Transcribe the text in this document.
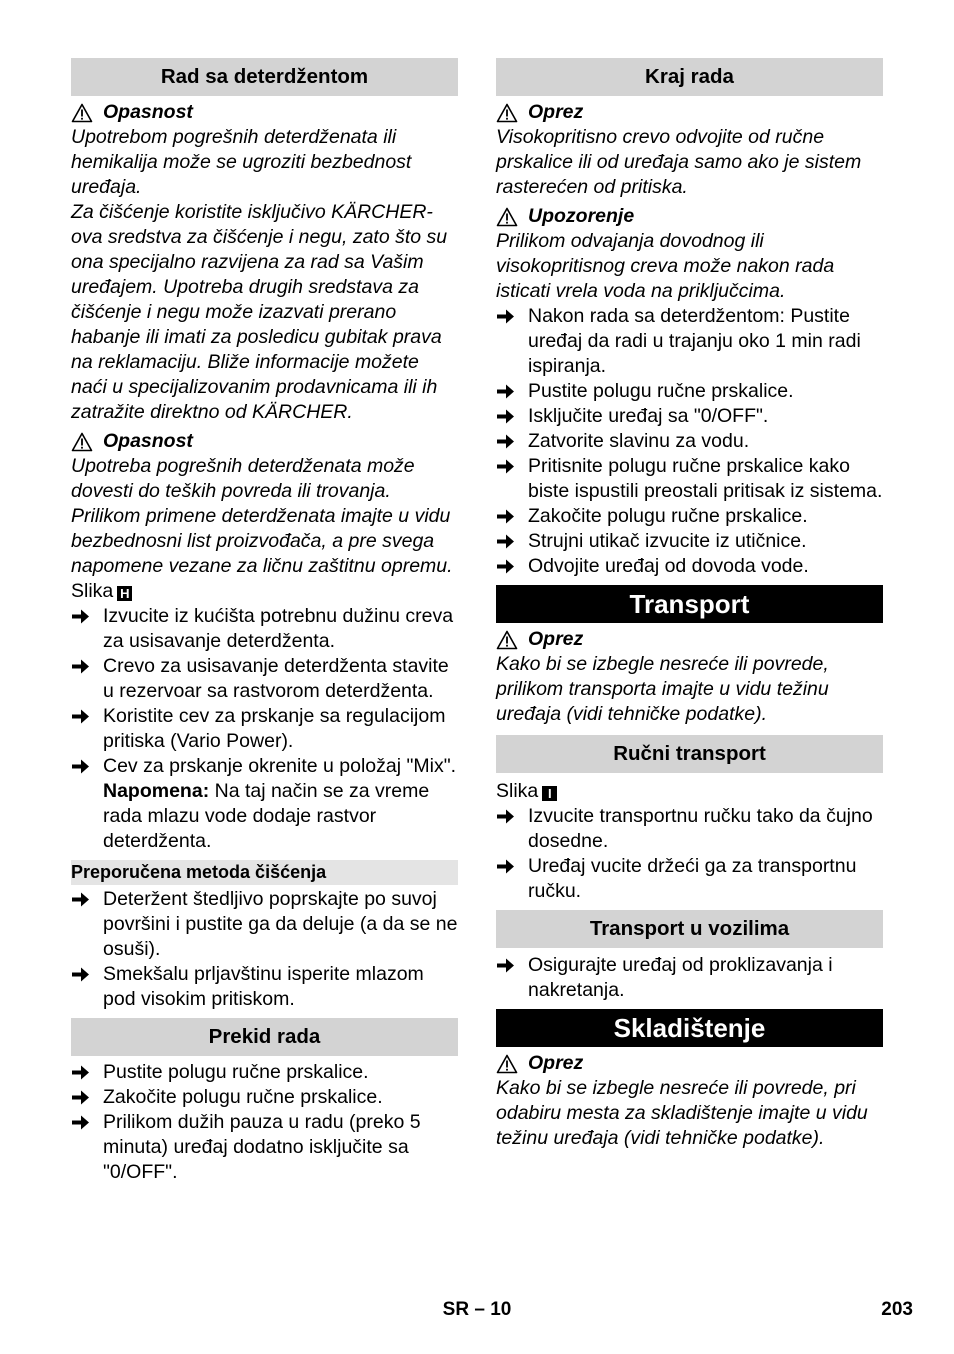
Rad sa deterdžentom
Opasnost

Upotrebom pogrešnih deterdženata ili hemikalija može se ugroziti bezbednost uređaja.

Za čišćenje koristite isključivo KÄRCHER-ova sredstva za čišćenje i negu, zato što su ona specijalno razvijena za rad sa Vašim uređajem. Upotreba drugih sredstava za čišćenje i negu može izazvati prerano habanje ili imati za posledicu gubitak prava na reklamaciju. Bliže informacije možete naći u specijalizovanim prodavnicama ili ih zatražite direktno od KÄRCHER.

Opasnost

Upotreba pogrešnih deterdženata može dovesti do teških povreda ili trovanja.

Prilikom primene deterdženata imajte u vidu bezbednosni list proizvođača, a pre svega napomene vezane za ličnu zaštitnu opremu.

Slika H

Izvucite iz kućišta potrebnu dužinu creva za usisavanje deterdženta.
Crevo za usisavanje deterdženta stavite u rezervoar sa rastvorom deterdženta.
Koristite cev za prskanje sa regulacijom pritiska (Vario Power).
Cev za prskanje okrenite u položaj "Mix".

Napomena: Na taj način se za vreme rada mlazu vode dodaje rastvor deterdženta.

Preporučena metoda čišćenja
Deteržent štedljivo poprskajte po suvoj površini i pustite ga da deluje (a da se ne osuši).
Smekšalu prljavštinu isperite mlazom pod visokim pritiskom.
Prekid rada
Pustite polugu ručne prskalice.
Zakočite polugu ručne prskalice.
Prilikom dužih pauza u radu (preko 5 minuta) uređaj dodatno isključite sa "0/OFF".
Kraj rada
Oprez

Visokopritisno crevo odvojite od ručne prskalice ili od uređaja samo ako je sistem rasterećen od pritiska.

Upozorenje

Prilikom odvajanja dovodnog ili visokopritisnog creva može nakon rada isticati vrela voda na priključcima.

Nakon rada sa deterdžentom: Pustite uređaj da radi u trajanju oko 1 min radi ispiranja.
Pustite polugu ručne prskalice.
Isključite uređaj sa "0/OFF".
Zatvorite slavinu za vodu.
Pritisnite polugu ručne prskalice kako biste ispustili preostali pritisak iz sistema.
Zakočite polugu ručne prskalice.
Strujni utikač izvucite iz utičnice.
Odvojite uređaj od dovoda vode.
Transport
Oprez

Kako bi se izbegle nesreće ili povrede, prilikom transporta imajte u vidu težinu uređaja (vidi tehničke podatke).

Ručni transport

Slika I

Izvucite transportnu ručku tako da čujno dosedne.
Uređaj vucite držeći ga za transportnu ručku.
Transport u vozilima
Osigurajte uređaj od proklizavanja i nakretanja.
Skladištenje
Oprez

Kako bi se izbegle nesreće ili povrede, pri odabiru mesta za skladištenje imajte u vidu težinu uređaja (vidi tehničke podatke).

SR – 10	203
